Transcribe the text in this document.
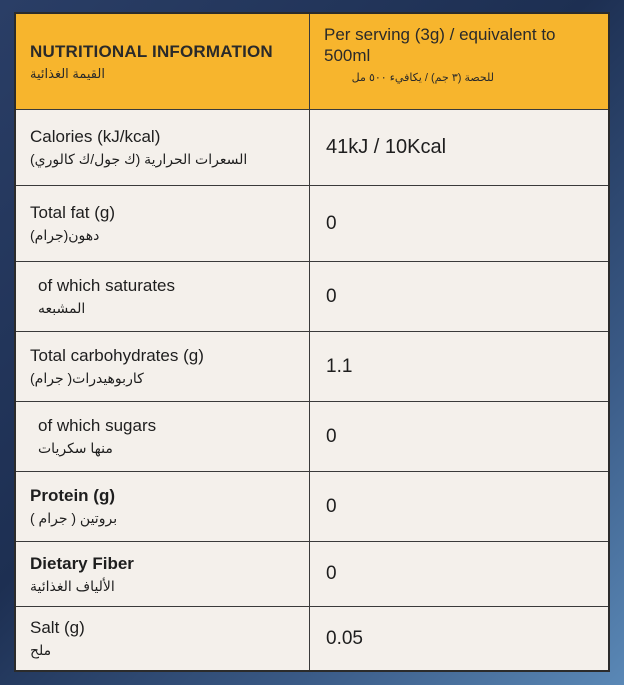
NUTRITIONAL INFORMATION
القيمة الغذائية
Per serving (3g) / equivalent to 500ml
للحصة (٣ جم) / يكافيء ٥٠٠ مل
Calories (kJ/kcal)
السعرات الحرارية (ك جول/ك كالوري)
41kJ / 10Kcal
Total fat (g)
دهون(جرام)
0
of which saturates
المشبعه
0
Total carbohydrates (g)
كاربوهيدرات( جرام)
1.1
of which sugars
منها سكريات
0
Protein (g)
بروتين ( جرام )
0
Dietary Fiber
الألياف الغذائية
0
Salt (g)
ملح
0.05
